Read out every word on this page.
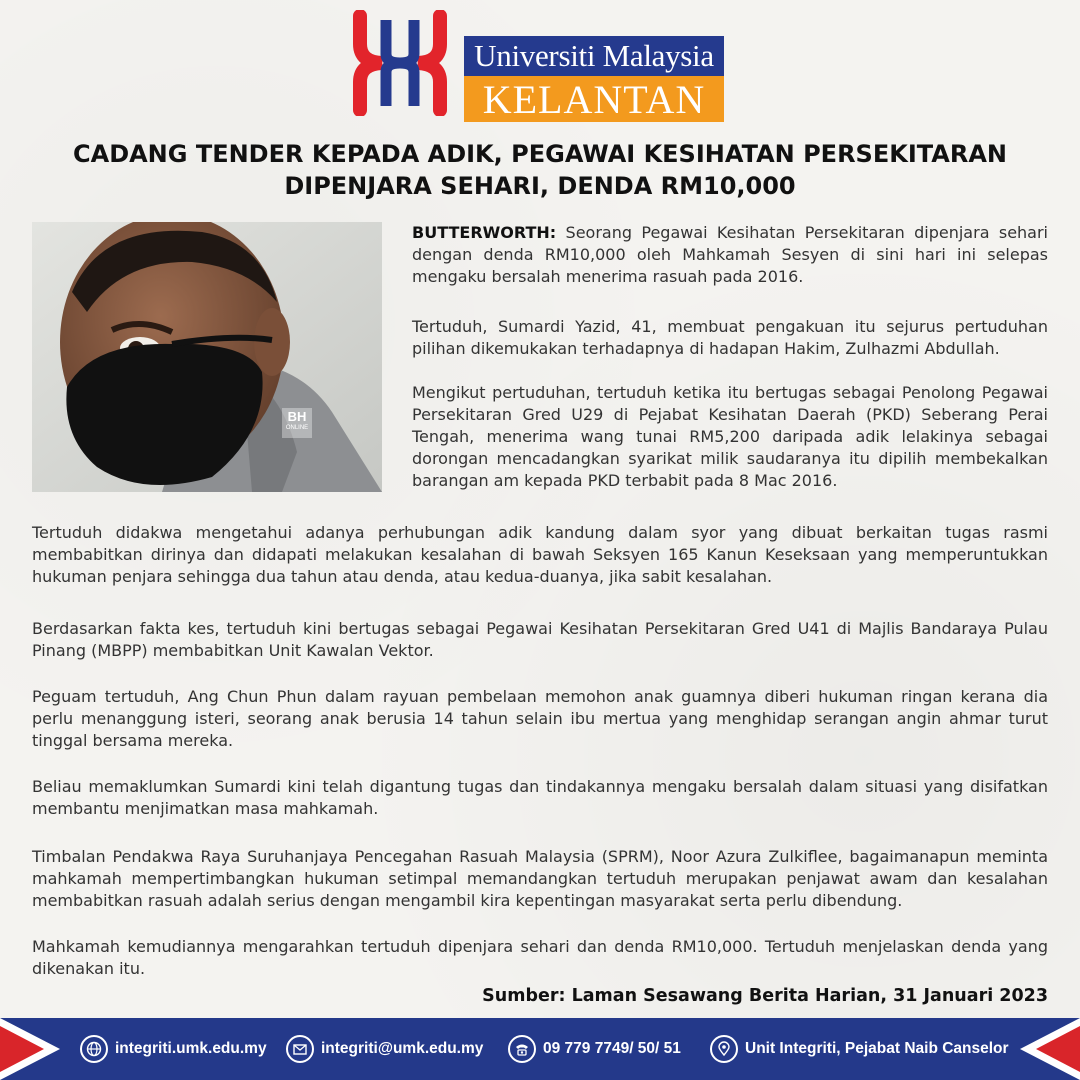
Universiti Malaysia
KELANTAN
CADANG TENDER KEPADA ADIK, PEGAWAI KESIHATAN PERSEKITARAN
DIPENJARA SEHARI, DENDA RM10,000
BH
ONLINE

BUTTERWORTH: Seorang Pegawai Kesihatan Persekitaran dipenjara sehari dengan denda RM10,000 oleh Mahkamah Sesyen di sini hari ini selepas mengaku bersalah menerima rasuah pada 2016.

Tertuduh, Sumardi Yazid, 41, membuat pengakuan itu sejurus pertuduhan pilihan dikemukakan terhadapnya di hadapan Hakim, Zulhazmi Abdullah.

Mengikut pertuduhan, tertuduh ketika itu bertugas sebagai Penolong Pegawai Persekitaran Gred U29 di Pejabat Kesihatan Daerah (PKD) Seberang Perai Tengah, menerima wang tunai RM5,200 daripada adik lelakinya sebagai dorongan mencadangkan syarikat milik saudaranya itu dipilih membekalkan barangan am kepada PKD terbabit pada 8 Mac 2016.

Tertuduh didakwa mengetahui adanya perhubungan adik kandung dalam syor yang dibuat berkaitan tugas rasmi membabitkan dirinya dan didapati melakukan kesalahan di bawah Seksyen 165 Kanun Keseksaan yang memperuntukkan hukuman penjara sehingga dua tahun atau denda, atau kedua-duanya, jika sabit kesalahan.

Berdasarkan fakta kes, tertuduh kini bertugas sebagai Pegawai Kesihatan Persekitaran Gred U41 di Majlis Bandaraya Pulau Pinang (MBPP) membabitkan Unit Kawalan Vektor.

Peguam tertuduh, Ang Chun Phun dalam rayuan pembelaan memohon anak guamnya diberi hukuman ringan kerana dia perlu menanggung isteri, seorang anak berusia 14 tahun selain ibu mertua yang menghidap serangan angin ahmar turut tinggal bersama mereka.

Beliau memaklumkan Sumardi kini telah digantung tugas dan tindakannya mengaku bersalah dalam situasi yang disifatkan membantu menjimatkan masa mahkamah.

Timbalan Pendakwa Raya Suruhanjaya Pencegahan Rasuah Malaysia (SPRM), Noor Azura Zulkiflee, bagaimanapun meminta mahkamah mempertimbangkan hukuman setimpal memandangkan tertuduh merupakan penjawat awam dan kesalahan membabitkan rasuah adalah serius dengan mengambil kira kepentingan masyarakat serta perlu dibendung.

Mahkamah kemudiannya mengarahkan tertuduh dipenjara sehari dan denda RM10,000. Tertuduh menjelaskan denda yang dikenakan itu.

Sumber: Laman Sesawang Berita Harian, 31 Januari 2023
integriti.umk.edu.my	integriti@umk.edu.my	09 779 7749/ 50/ 51	Unit Integriti, Pejabat Naib Canselor
